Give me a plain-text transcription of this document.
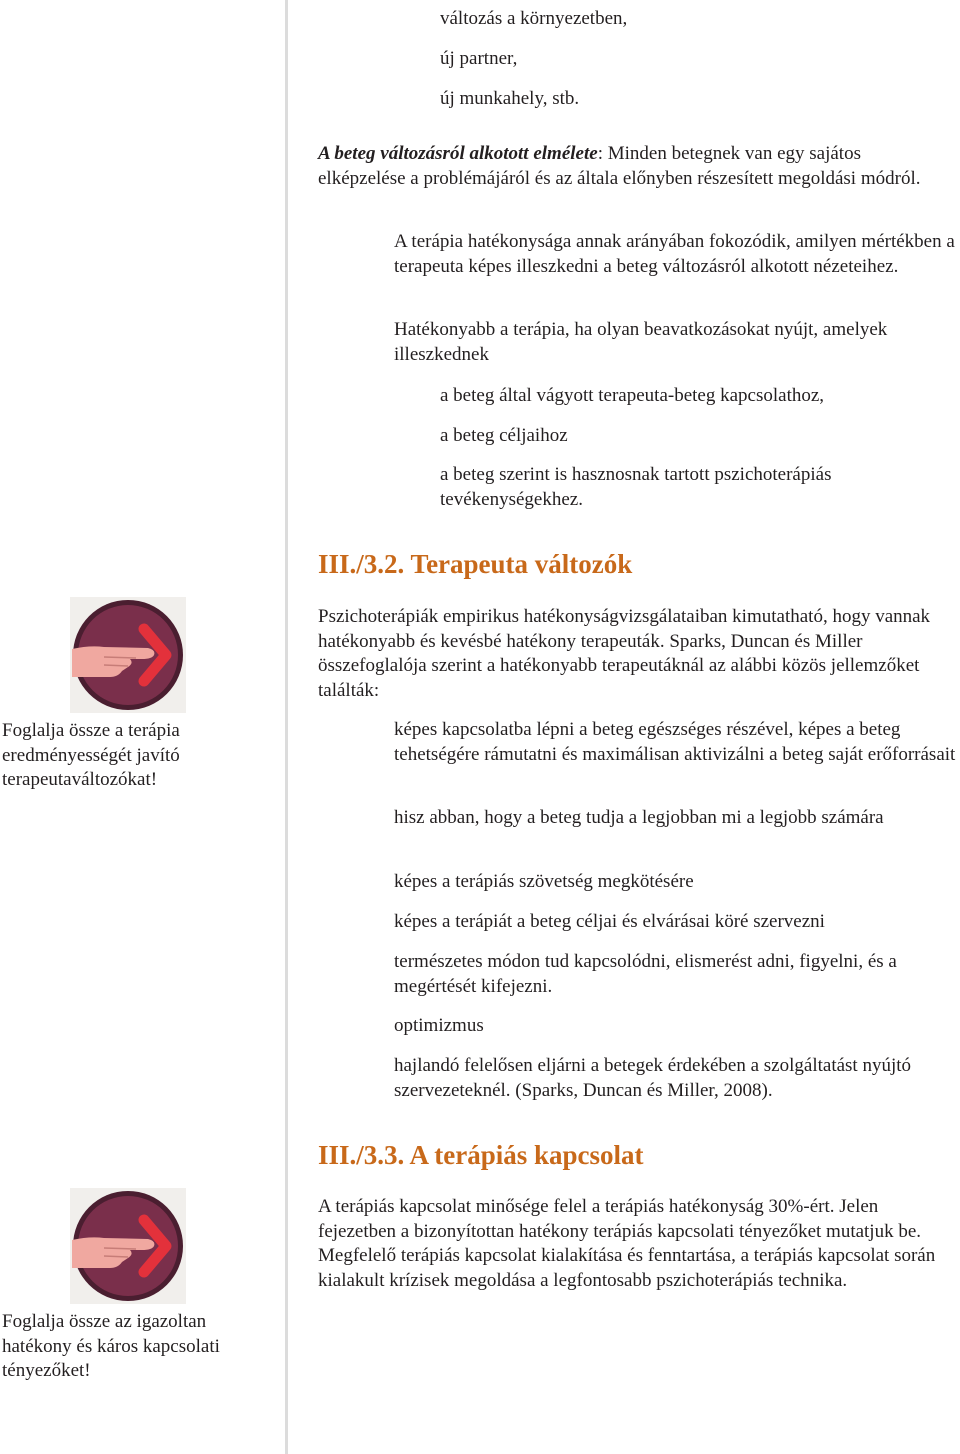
változás a környezetben,

új partner,

új munkahely, stb.

A beteg változásról alkotott elmélete: Minden betegnek van egy sajátos elképzelése a problémájáról és az általa előnyben részesített megoldási módról.

A terápia hatékonysága annak arányában fokozódik, amilyen mértékben a terapeuta képes illeszkedni a beteg változásról alkotott nézeteihez.

Hatékonyabb a terápia, ha olyan beavatkozásokat nyújt, amelyek illeszkednek

a beteg által vágyott terapeuta-beteg kapcsolathoz,

a beteg céljaihoz

a beteg szerint is hasznosnak tartott pszichoterápiás tevékenységekhez.

III./3.2. Terapeuta változók

Pszichoterápiák empirikus hatékonyságvizsgálataiban kimutatható, hogy vannak hatékonyabb és kevésbé hatékony terapeuták. Sparks, Duncan és Miller összefoglalója szerint a hatékonyabb terapeutáknál az alábbi közös jellemzőket találták:

Foglalja össze a terápia eredményességét javító terapeutaváltozókat!

képes kapcsolatba lépni a beteg egészséges részével, képes a beteg tehetségére rámutatni és maximálisan aktivizálni a beteg saját erőforrásait

hisz abban, hogy a beteg tudja a legjobban mi a legjobb számára

képes a terápiás szövetség megkötésére

képes a terápiát a beteg céljai és elvárásai köré szervezni

természetes módon tud kapcsolódni, elismerést adni, figyelni, és a megértését kifejezni.

optimizmus

hajlandó felelősen eljárni a betegek érdekében a szolgáltatást nyújtó szervezeteknél. (Sparks, Duncan és Miller, 2008).

III./3.3. A terápiás kapcsolat

A terápiás kapcsolat minősége felel a terápiás hatékonyság 30%-ért. Jelen fejezetben a bizonyítottan hatékony terápiás kapcsolati tényezőket mutatjuk be. Megfelelő terápiás kapcsolat kialakítása és fenntartása, a terápiás kapcsolat során kialakult krízisek megoldása a legfontosabb pszichoterápiás technika.

Foglalja össze az igazoltan hatékony és káros kapcsolati tényezőket!
